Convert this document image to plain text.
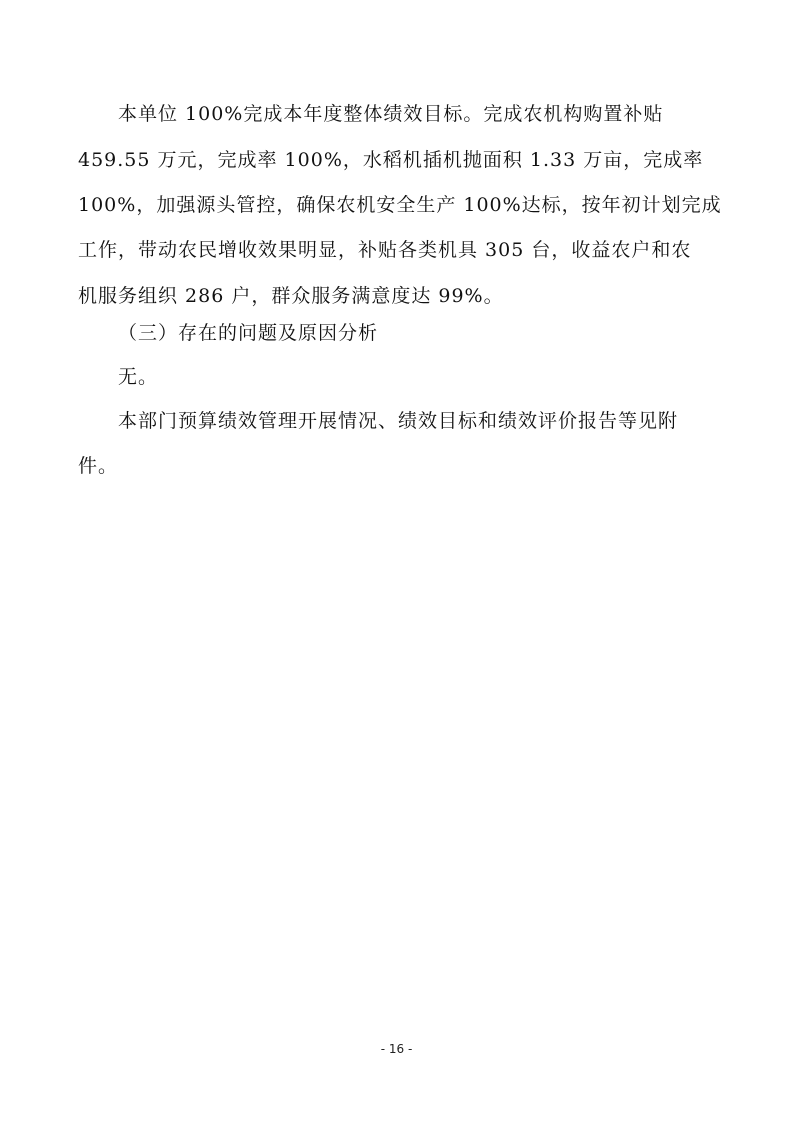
本单位 100%完成本年度整体绩效目标。完成农机构购置补贴
459.55 万元，完成率 100%，水稻机插机抛面积 1.33 万亩，完成率
100%，加强源头管控，确保农机安全生产 100%达标，按年初计划完成
工作，带动农民增收效果明显，补贴各类机具 305 台，收益农户和农
机服务组织 286 户，群众服务满意度达 99%。
（三）存在的问题及原因分析
无。
本部门预算绩效管理开展情况、绩效目标和绩效评价报告等见附
件。
- 16 -
